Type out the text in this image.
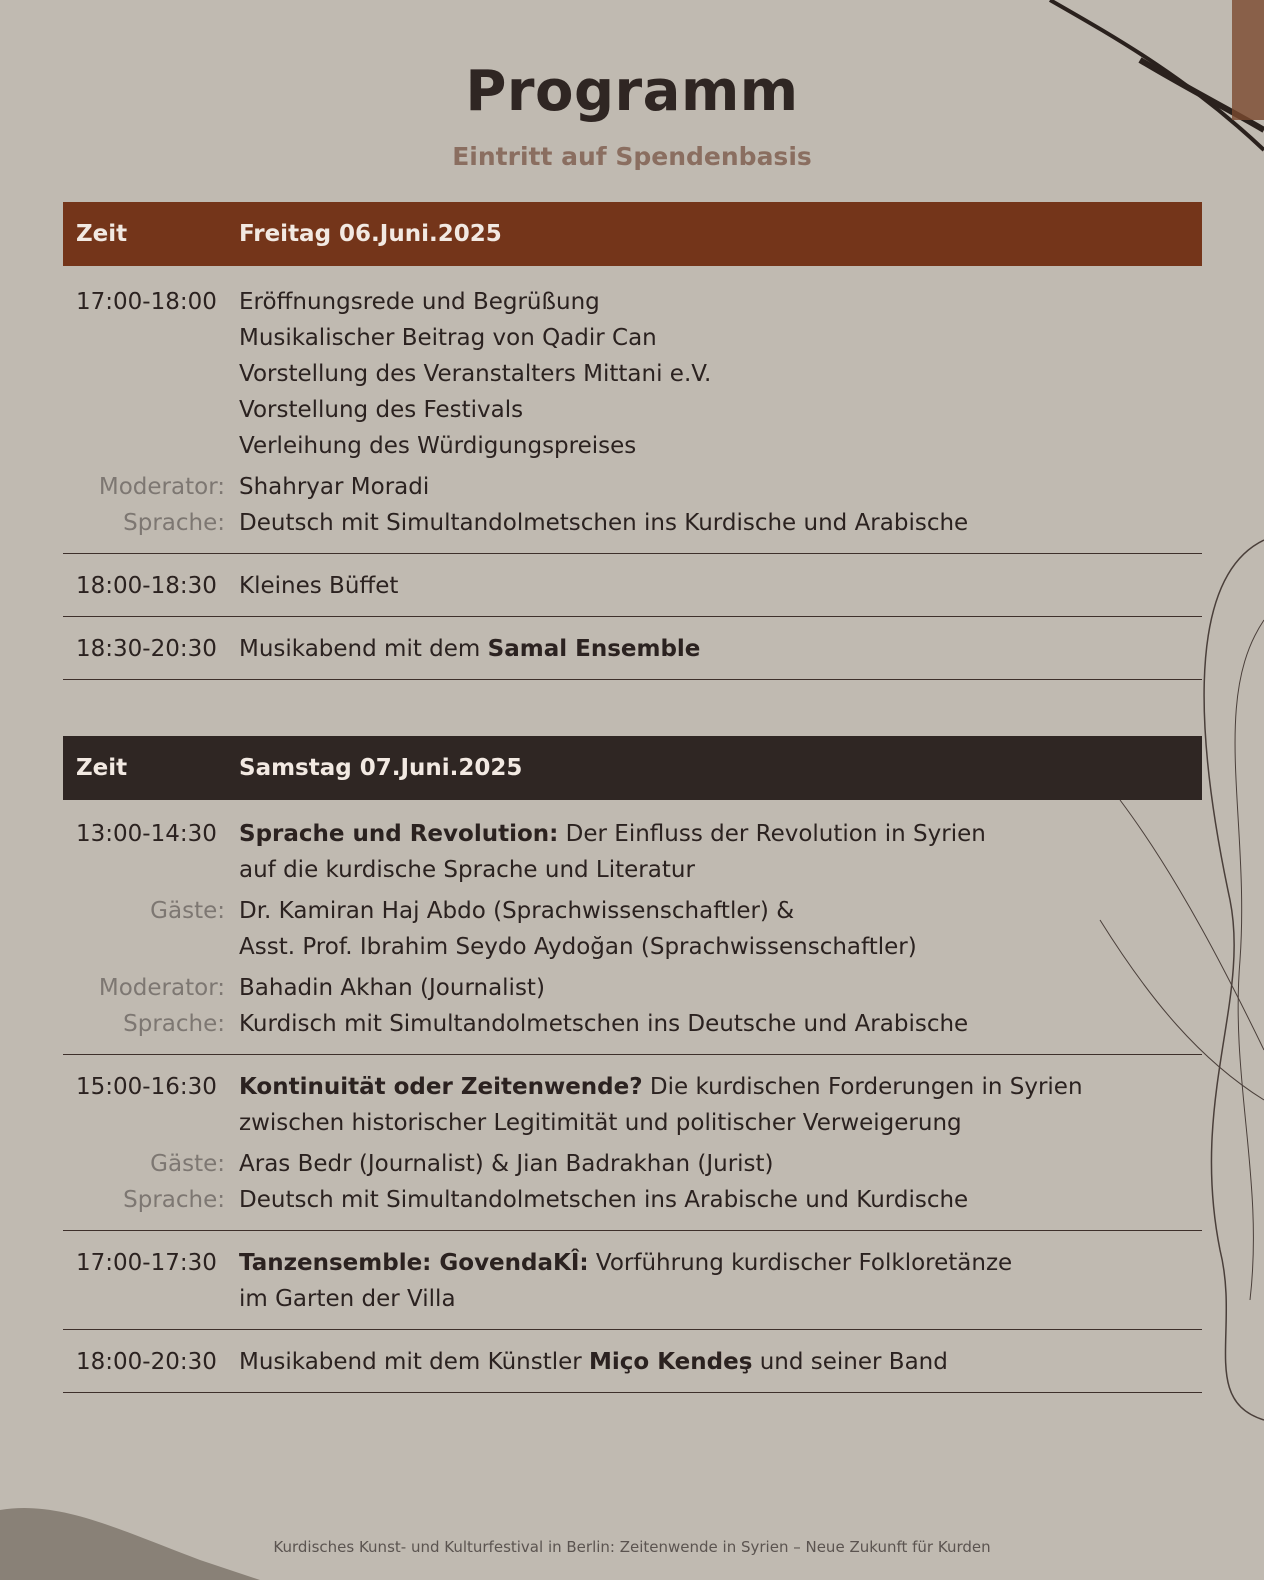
Programm
Eintritt auf Spendenbasis
Zeit	Freitag 06.Juni.2025
17:00-18:00 Eröffnungsrede und Begrüßung
Musikalischer Beitrag von Qadir Can
Vorstellung des Veranstalters Mittani e.V.
Vorstellung des Festivals
Verleihung des Würdigungspreises
Moderator: Shahryar Moradi
Sprache: Deutsch mit Simultandolmetschen ins Kurdische und Arabische
18:00-18:30 Kleines Büffet
18:30-20:30 Musikabend mit dem Samal Ensemble
Zeit	Samstag 07.Juni.2025
13:00-14:30 Sprache und Revolution: Der Einfluss der Revolution in Syrien
auf die kurdische Sprache und Literatur
Gäste: Dr. Kamiran Haj Abdo (Sprachwissenschaftler) &
Asst. Prof. Ibrahim Seydo Aydoğan (Sprachwissenschaftler)
Moderator: Bahadin Akhan (Journalist)
Sprache: Kurdisch mit Simultandolmetschen ins Deutsche und Arabische
15:00-16:30 Kontinuität oder Zeitenwende? Die kurdischen Forderungen in Syrien
zwischen historischer Legitimität und politischer Verweigerung
Gäste: Aras Bedr (Journalist) & Jian Badrakhan (Jurist)
Sprache: Deutsch mit Simultandolmetschen ins Arabische und Kurdische
17:00-17:30 Tanzensemble: GovendaKÎ: Vorführung kurdischer Folkloretänze
im Garten der Villa
18:00-20:30 Musikabend mit dem Künstler Miço Kendeş und seiner Band
Kurdisches Kunst- und Kulturfestival in Berlin: Zeitenwende in Syrien – Neue Zukunft für Kurden
